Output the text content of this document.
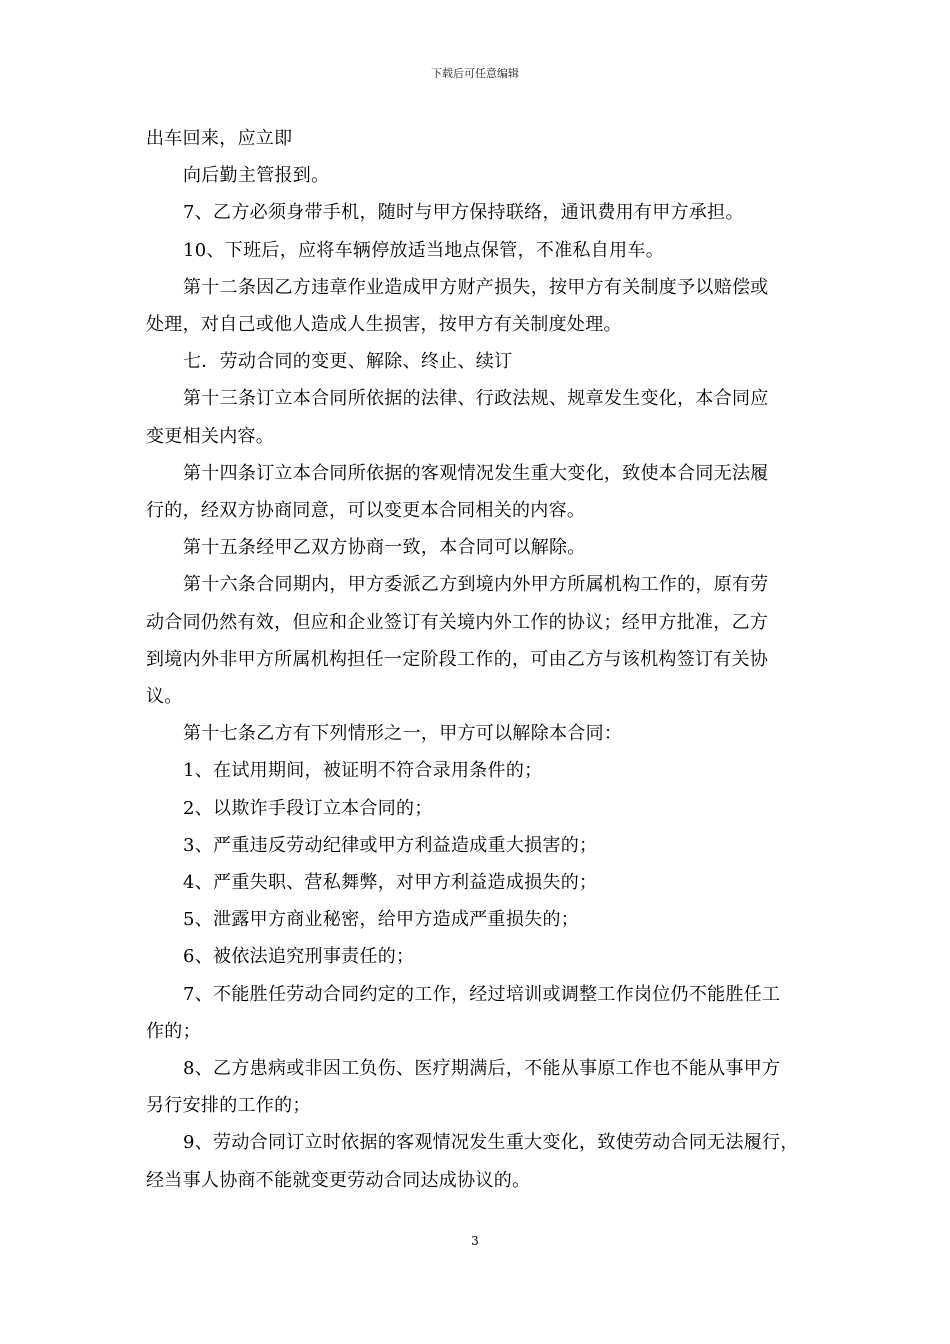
下载后可任意编辑

出车回来，应立即

向后勤主管报到。

7、乙方必须身带手机，随时与甲方保持联络，通讯费用有甲方承担。

10、下班后，应将车辆停放适当地点保管，不准私自用车。

第十二条因乙方违章作业造成甲方财产损失，按甲方有关制度予以赔偿或

处理，对自己或他人造成人生损害，按甲方有关制度处理。

七．劳动合同的变更、解除、终止、续订

第十三条订立本合同所依据的法律、行政法规、规章发生变化，本合同应

变更相关内容。

第十四条订立本合同所依据的客观情况发生重大变化，致使本合同无法履

行的，经双方协商同意，可以变更本合同相关的内容。

第十五条经甲乙双方协商一致，本合同可以解除。

第十六条合同期内，甲方委派乙方到境内外甲方所属机构工作的，原有劳

动合同仍然有效，但应和企业签订有关境内外工作的协议；经甲方批准，乙方

到境内外非甲方所属机构担任一定阶段工作的，可由乙方与该机构签订有关协

议。

第十七条乙方有下列情形之一，甲方可以解除本合同：

1、在试用期间，被证明不符合录用条件的；

2、以欺诈手段订立本合同的；

3、严重违反劳动纪律或甲方利益造成重大损害的；

4、严重失职、营私舞弊，对甲方利益造成损失的；

5、泄露甲方商业秘密，给甲方造成严重损失的；

6、被依法追究刑事责任的；

7、不能胜任劳动合同约定的工作，经过培训或调整工作岗位仍不能胜任工

作的；

8、乙方患病或非因工负伤、医疗期满后，不能从事原工作也不能从事甲方

另行安排的工作的；

9、劳动合同订立时依据的客观情况发生重大变化，致使劳动合同无法履行，

经当事人协商不能就变更劳动合同达成协议的。

3
